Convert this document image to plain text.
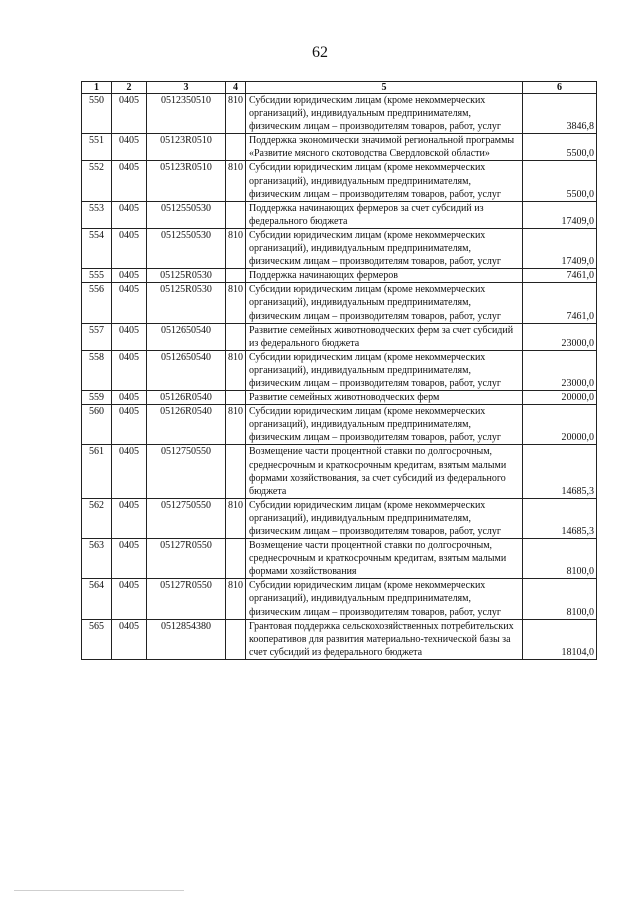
62
1	2	3	4	5	6
550	0405	0512350510	810	Субсидии юридическим лицам (кроме некоммерческих организаций), индивидуальным предпринимателям, физическим лицам – производителям товаров, работ, услуг	3846,8
551	0405	05123R0510		Поддержка экономически значимой региональной программы «Развитие мясного скотоводства Свердловской области»	5500,0
552	0405	05123R0510	810	Субсидии юридическим лицам (кроме некоммерческих организаций), индивидуальным предпринимателям, физическим лицам – производителям товаров, работ, услуг	5500,0
553	0405	0512550530		Поддержка начинающих фермеров за счет субсидий из федерального бюджета	17409,0
554	0405	0512550530	810	Субсидии юридическим лицам (кроме некоммерческих организаций), индивидуальным предпринимателям, физическим лицам – производителям товаров, работ, услуг	17409,0
555	0405	05125R0530		Поддержка начинающих фермеров	7461,0
556	0405	05125R0530	810	Субсидии юридическим лицам (кроме некоммерческих организаций), индивидуальным предпринимателям, физическим лицам – производителям товаров, работ, услуг	7461,0
557	0405	0512650540		Развитие семейных животноводческих ферм за счет субсидий из федерального бюджета	23000,0
558	0405	0512650540	810	Субсидии юридическим лицам (кроме некоммерческих организаций), индивидуальным предпринимателям, физическим лицам – производителям товаров, работ, услуг	23000,0
559	0405	05126R0540		Развитие семейных животноводческих ферм	20000,0
560	0405	05126R0540	810	Субсидии юридическим лицам (кроме некоммерческих организаций), индивидуальным предпринимателям, физическим лицам – производителям товаров, работ, услуг	20000,0
561	0405	0512750550		Возмещение части процентной ставки по долгосрочным, среднесрочным и краткосрочным кредитам, взятым малыми формами хозяйствования, за счет субсидий из федерального бюджета	14685,3
562	0405	0512750550	810	Субсидии юридическим лицам (кроме некоммерческих организаций), индивидуальным предпринимателям, физическим лицам – производителям товаров, работ, услуг	14685,3
563	0405	05127R0550		Возмещение части процентной ставки по долгосрочным, среднесрочным и краткосрочным кредитам, взятым малыми формами хозяйствования	8100,0
564	0405	05127R0550	810	Субсидии юридическим лицам (кроме некоммерческих организаций), индивидуальным предпринимателям, физическим лицам – производителям товаров, работ, услуг	8100,0
565	0405	0512854380		Грантовая поддержка сельскохозяйственных потребительских кооперативов для развития материально-технической базы за счет субсидий из федерального бюджета	18104,0
